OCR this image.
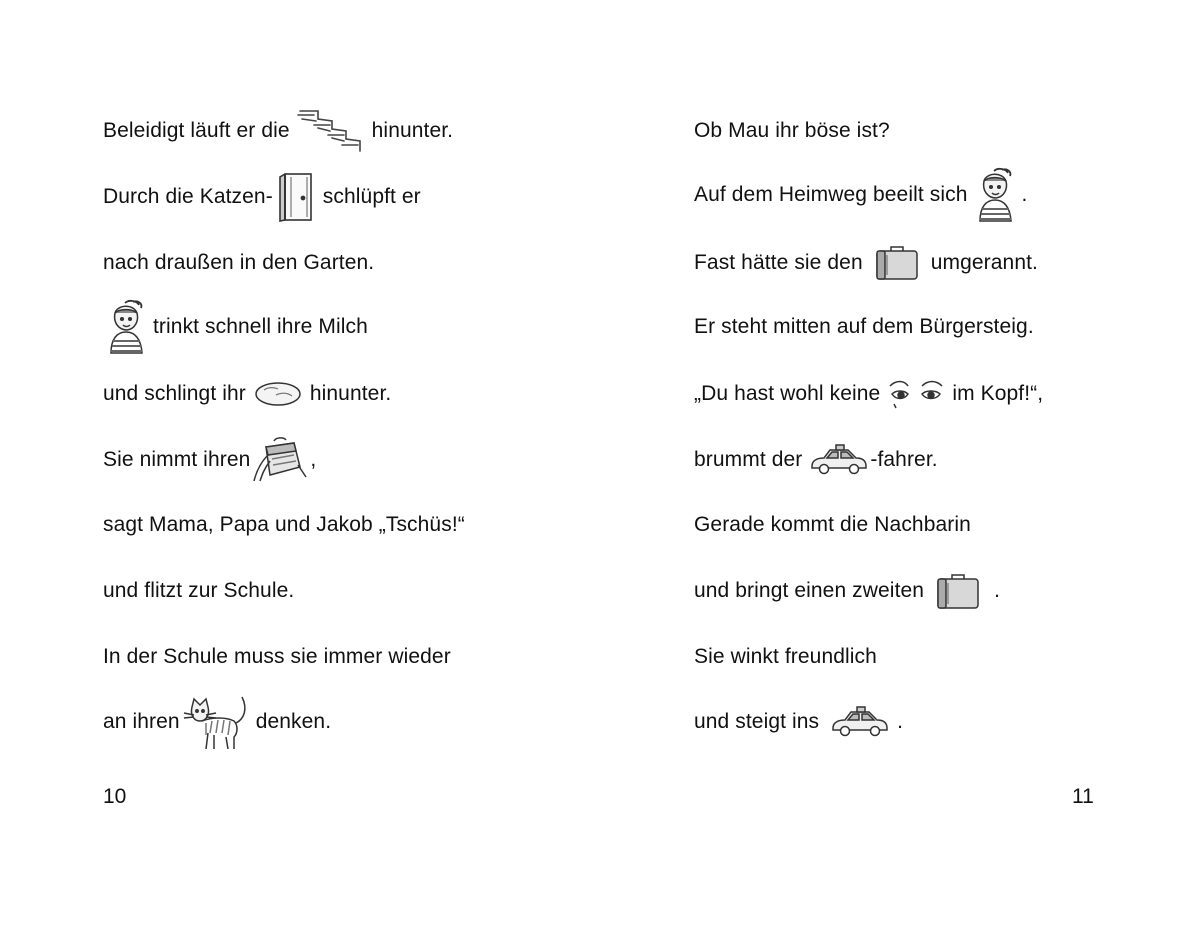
Beleidigt läuft er die	hinunter.
Durch die Katzen- schlüpft er
nach draußen in den Garten.
trinkt schnell ihre Milch
und schlingt ihr	hinunter.
Sie nimmt ihren	,
sagt Mama, Papa und Jakob „Tschüs!“
und flitzt zur Schule.
In der Schule muss sie immer wieder
an ihren	denken.
10
Ob Mau ihr böse ist?
Auf dem Heimweg beeilt sich	.
Fast hätte sie den	umgerannt.
Er steht mitten auf dem Bürgersteig.
„Du hast wohl keine	im Kopf!“,
brummt der	-fahrer.
Gerade kommt die Nachbarin
und bringt einen zweiten	.
Sie winkt freundlich
und steigt ins	.
11
